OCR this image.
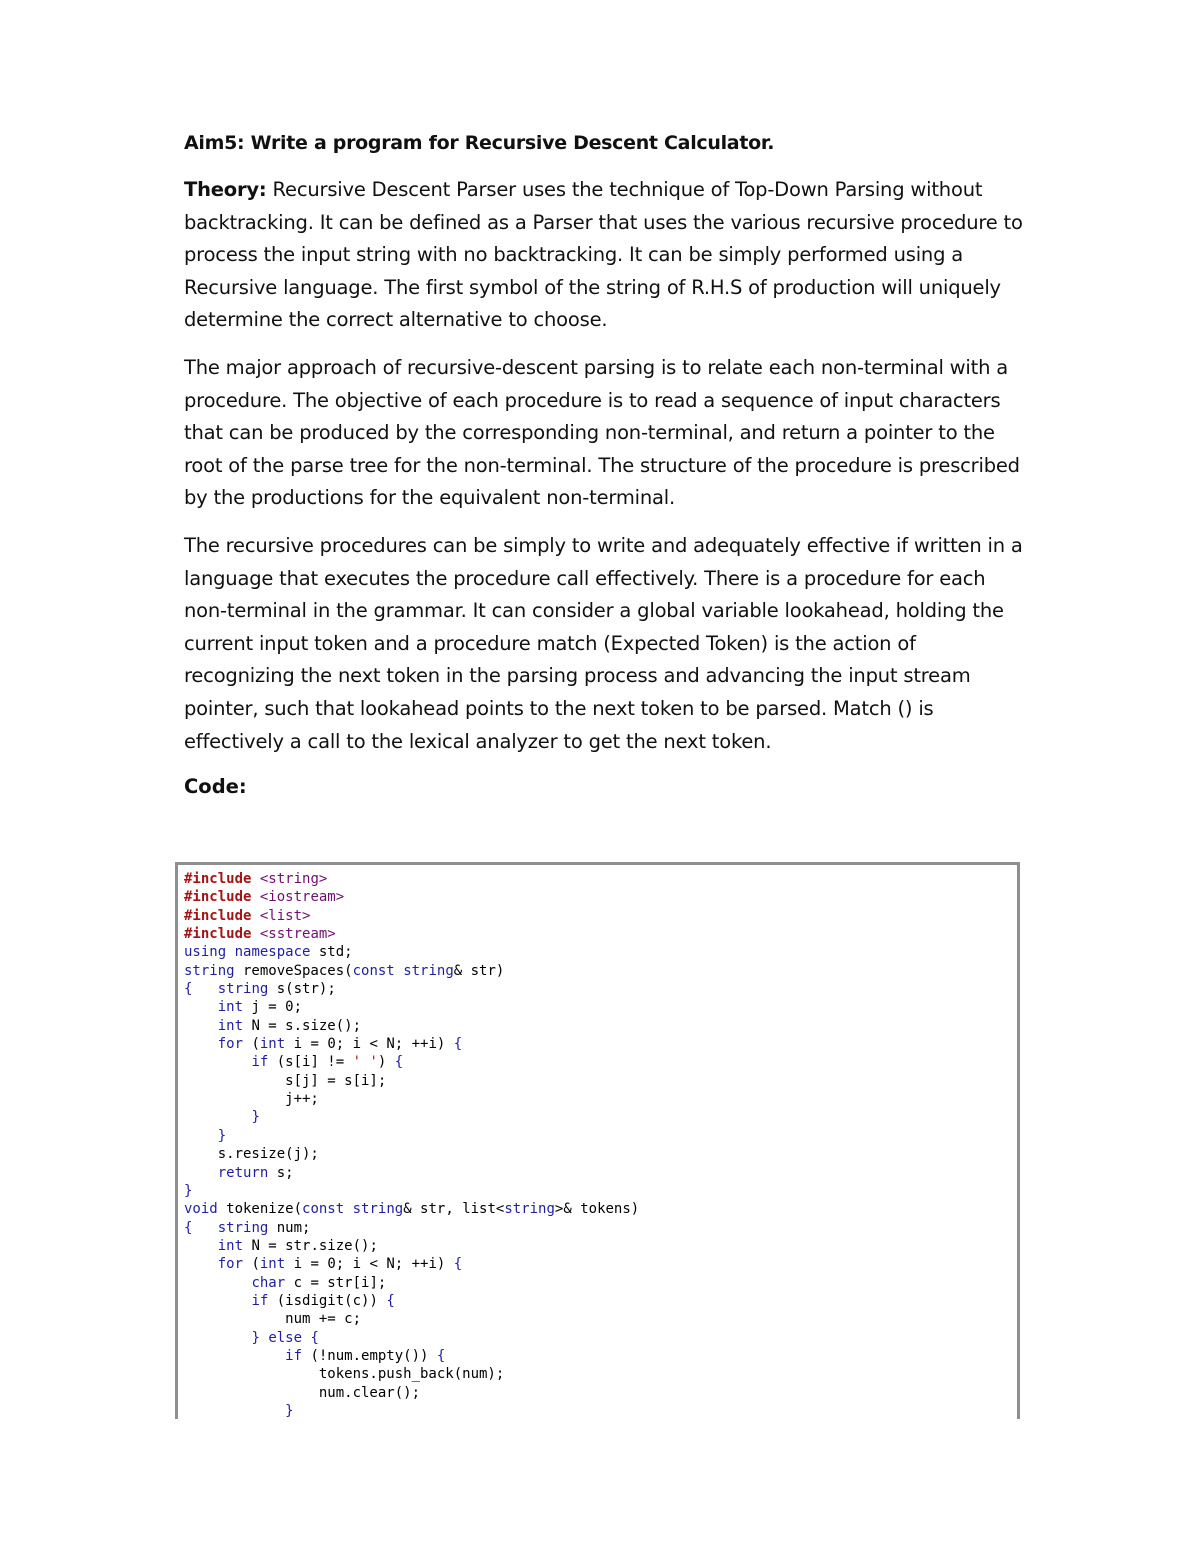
Aim5: Write a program for Recursive Descent Calculator.

Theory: Recursive Descent Parser uses the technique of Top-Down Parsing without backtracking. It can be defined as a Parser that uses the various recursive procedure to process the input string with no backtracking. It can be simply performed using a Recursive language. The first symbol of the string of R.H.S of production will uniquely determine the correct alternative to choose.

The major approach of recursive-descent parsing is to relate each non-terminal with a procedure. The objective of each procedure is to read a sequence of input characters that can be produced by the corresponding non-terminal, and return a pointer to the root of the parse tree for the non-terminal. The structure of the procedure is prescribed by the productions for the equivalent non-terminal.

The recursive procedures can be simply to write and adequately effective if written in a language that executes the procedure call effectively. There is a procedure for each non-terminal in the grammar. It can consider a global variable lookahead, holding the current input token and a procedure match (Expected Token) is the action of recognizing the next token in the parsing process and advancing the input stream pointer, such that lookahead points to the next token to be parsed. Match () is effectively a call to the lexical analyzer to get the next token.

Code:
#include <string>
#include <iostream>
#include <list>
#include <sstream>
using namespace std;
string removeSpaces(const string& str)
{ string s(str);
int j = 0;
int N = s.size();
for (int i = 0; i < N; ++i) {
if (s[i] != ' ') {
s[j] = s[i];
j++;
}
}
s.resize(j);
return s;
}
void tokenize(const string& str, list<string>& tokens)
{ string num;
int N = str.size();
for (int i = 0; i < N; ++i) {
char c = str[i];
if (isdigit(c)) {
num += c;
} else {
if (!num.empty()) {
tokens.push_back(num);
num.clear();
}
